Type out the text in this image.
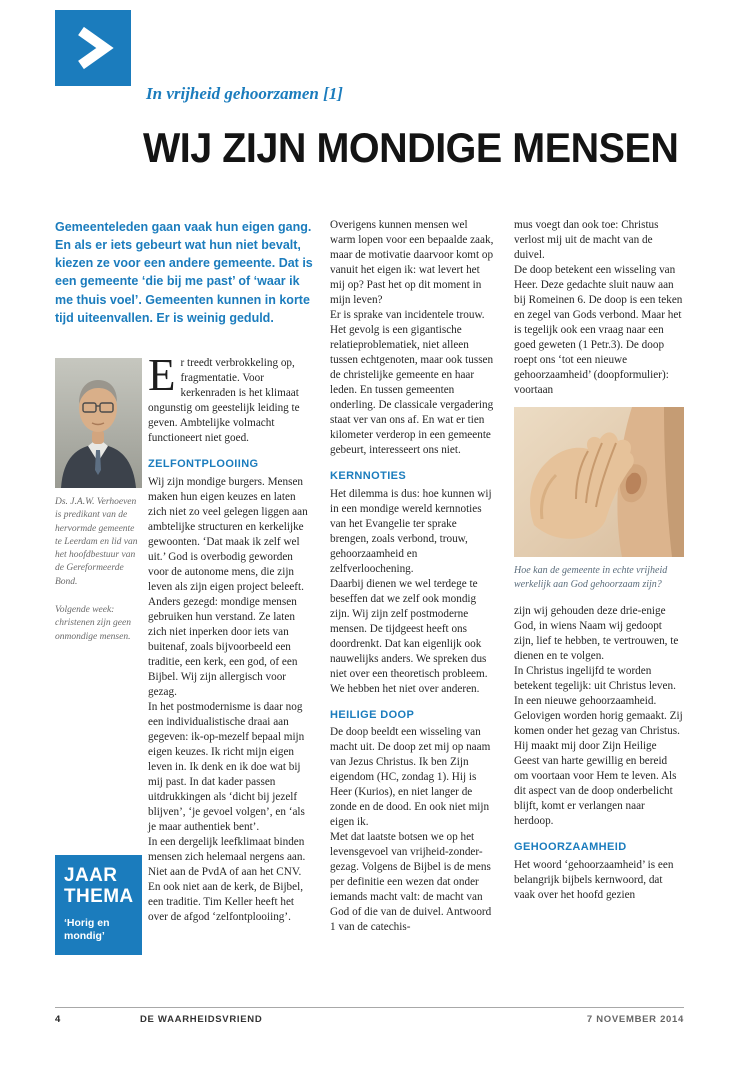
In vrijheid gehoorzamen [1]
WIJ ZIJN MONDIGE MENSEN
Gemeenteleden gaan vaak hun eigen gang. En als er iets gebeurt wat hun niet bevalt, kiezen ze voor een andere gemeente. Dat is een gemeente ‘die bij me past’ of ‘waar ik me thuis voel’. Gemeenten kunnen in korte tijd uiteenvallen. Er is weinig geduld.

Ds. J.A.W. Verhoeven is predikant van de hervormde gemeente te Leerdam en lid van het hoofdbestuur van de Gereformeerde Bond.

Volgende week: christenen zijn geen onmondige mensen.

JAAR
THEMA
‘Horig en mondig’

Er treedt verbrokkeling op, fragmentatie. Voor kerkenraden is het klimaat ongunstig om geestelijk leiding te geven. Ambtelijke volmacht functioneert niet goed.

ZELFONTPLOOIING

Wij zijn mondige burgers. Mensen maken hun eigen keuzes en laten zich niet zo veel gelegen liggen aan ambtelijke structuren en kerkelijke gewoonten. ‘Dat maak ik zelf wel uit.’ God is overbodig geworden voor de autonome mens, die zijn leven als zijn eigen project beleeft.

Anders gezegd: mondige mensen gebruiken hun verstand. Ze laten zich niet inperken door iets van buitenaf, zoals bijvoorbeeld een traditie, een kerk, een god, of een Bijbel. Wij zijn allergisch voor gezag.

In het postmodernisme is daar nog een individualistische draai aan gegeven: ik-op-mezelf bepaal mijn eigen keuzes. Ik richt mijn eigen leven in. Ik denk en ik doe wat bij mij past. In dat kader passen uitdrukkingen als ‘dicht bij jezelf blijven’, ‘je gevoel volgen’, en ‘als je maar authentiek bent’.

In een dergelijk leefklimaat binden mensen zich helemaal nergens aan. Niet aan de PvdA of aan het CNV. En ook niet aan de kerk, de Bijbel, een traditie. Tim Keller heeft het over de afgod ‘zelfontplooiing’.

Overigens kunnen mensen wel warm lopen voor een bepaalde zaak, maar de motivatie daarvoor komt op vanuit het eigen ik: wat levert het mij op? Past het op dit moment in mijn leven?

Er is sprake van incidentele trouw. Het gevolg is een gigantische relatieproblematiek, niet alleen tussen echtgenoten, maar ook tussen de christelijke gemeente en haar leden. En tussen gemeenten onderling. De classicale vergadering staat ver van ons af. En wat er tien kilometer verderop in een gemeente gebeurt, interesseert ons niet.

KERNNOTIES

Het dilemma is dus: hoe kunnen wij in een mondige wereld kernnoties van het Evangelie ter sprake brengen, zoals verbond, trouw, gehoorzaamheid en zelfverloochening.

Daarbij dienen we wel terdege te beseffen dat we zelf ook mondig zijn. Wij zijn zelf postmoderne mensen. De tijdgeest heeft ons doordrenkt. Dat kan eigenlijk ook nauwelijks anders. We spreken dus niet over een theoretisch probleem. We hebben het niet over anderen.

HEILIGE DOOP

De doop beeldt een wisseling van macht uit. De doop zet mij op naam van Jezus Christus. Ik ben Zijn eigendom (HC, zondag 1). Hij is Heer (Kurios), en niet langer de zonde en de dood. En ook niet mijn eigen ik.

Met dat laatste botsen we op het levensgevoel van vrijheid-zonder-gezag. Volgens de Bijbel is de mens per definitie een wezen dat onder iemands macht valt: de macht van God of die van de duivel. Antwoord 1 van de catechis-

mus voegt dan ook toe: Christus verlost mij uit de macht van de duivel.

De doop betekent een wisseling van Heer. Deze gedachte sluit nauw aan bij Romeinen 6. De doop is een teken en zegel van Gods verbond. Maar het is tegelijk ook een vraag naar een goed geweten (1 Petr.3). De doop roept ons ‘tot een nieuwe gehoorzaamheid’ (doopformulier): voortaan

Hoe kan de gemeente in echte vrijheid werkelijk aan God gehoorzaam zijn?

zijn wij gehouden deze drie-enige God, in wiens Naam wij gedoopt zijn, lief te hebben, te vertrouwen, te dienen en te volgen.

In Christus ingelijfd te worden betekent tegelijk: uit Christus leven. In een nieuwe gehoorzaamheid. Gelovigen worden horig gemaakt. Zij komen onder het gezag van Christus. Hij maakt mij door Zijn Heilige Geest van harte gewillig en bereid om voortaan voor Hem te leven. Als dit aspect van de doop onderbelicht blijft, komt er verlangen naar herdoop.

GEHOORZAAMHEID

Het woord ‘gehoorzaamheid’ is een belangrijk bijbels kernwoord, dat vaak over het hoofd gezien

4	DE WAARHEIDSVRIEND	7 NOVEMBER 2014
